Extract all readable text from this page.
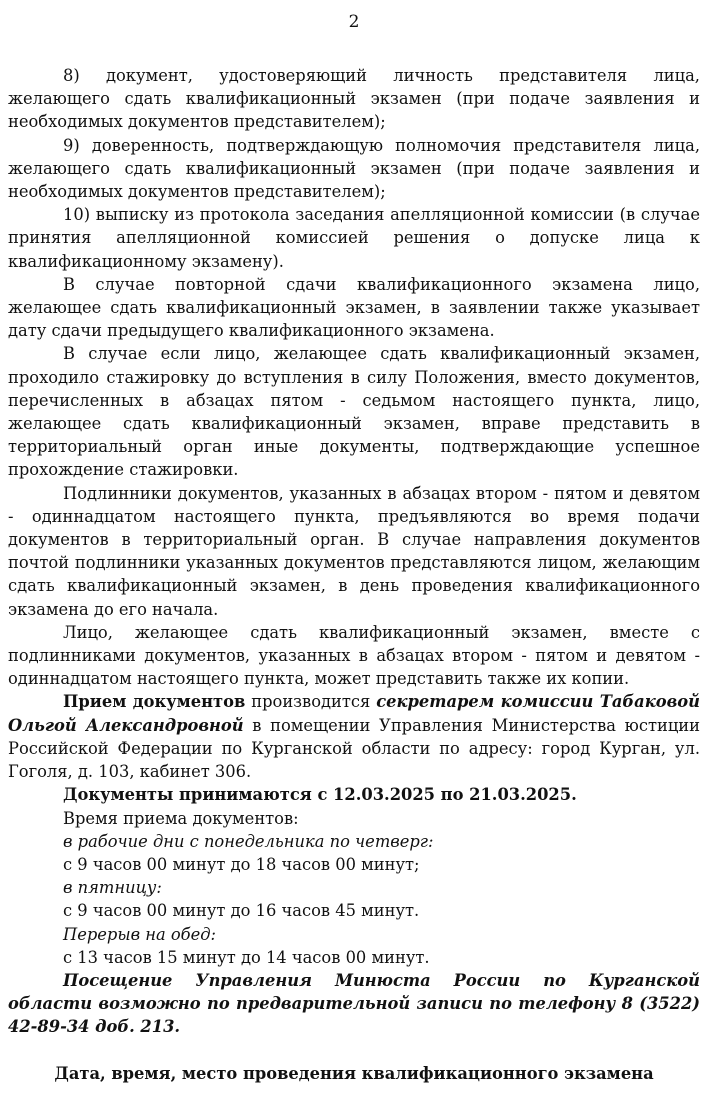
2

8) документ, удостоверяющий личность представителя лица, желающего сдать квалификационный экзамен (при подаче заявления и необходимых документов представителем);

9) доверенность, подтверждающую полномочия представителя лица, желающего сдать квалификационный экзамен (при подаче заявления и необходимых документов представителем);

10) выписку из протокола заседания апелляционной комиссии (в случае принятия апелляционной комиссией решения о допуске лица к квалификационному экзамену).

В случае повторной сдачи квалификационного экзамена лицо, желающее сдать квалификационный экзамен, в заявлении также указывает дату сдачи предыдущего квалификационного экзамена.

В случае если лицо, желающее сдать квалификационный экзамен, проходило стажировку до вступления в силу Положения, вместо документов, перечисленных в абзацах пятом - седьмом настоящего пункта, лицо, желающее сдать квалификационный экзамен, вправе представить в территориальный орган иные документы, подтверждающие успешное прохождение стажировки.

Подлинники документов, указанных в абзацах втором - пятом и девятом - одиннадцатом настоящего пункта, предъявляются во время подачи документов в территориальный орган. В случае направления документов почтой подлинники указанных документов представляются лицом, желающим сдать квалификационный экзамен, в день проведения квалификационного экзамена до его начала.

Лицо, желающее сдать квалификационный экзамен, вместе с подлинниками документов, указанных в абзацах втором - пятом и девятом - одиннадцатом настоящего пункта, может представить также их копии.

Прием документов производится секретарем комиссии Табаковой Ольгой Александровной в помещении Управления Министерства юстиции Российской Федерации по Курганской области по адресу: город Курган, ул. Гоголя, д. 103, кабинет 306.

Документы принимаются с 12.03.2025 по 21.03.2025.

Время приема документов:

в рабочие дни с понедельника по четверг:

с 9 часов 00 минут до 18 часов 00 минут;

в пятницу:

с 9 часов 00 минут до 16 часов 45 минут.

Перерыв на обед:

с 13 часов 15 минут до 14 часов 00 минут.

Посещение Управления Минюста России по Курганской области возможно по предварительной записи по телефону 8 (3522) 42-89-34 доб. 213.

Дата, время, место проведения квалификационного экзамена
